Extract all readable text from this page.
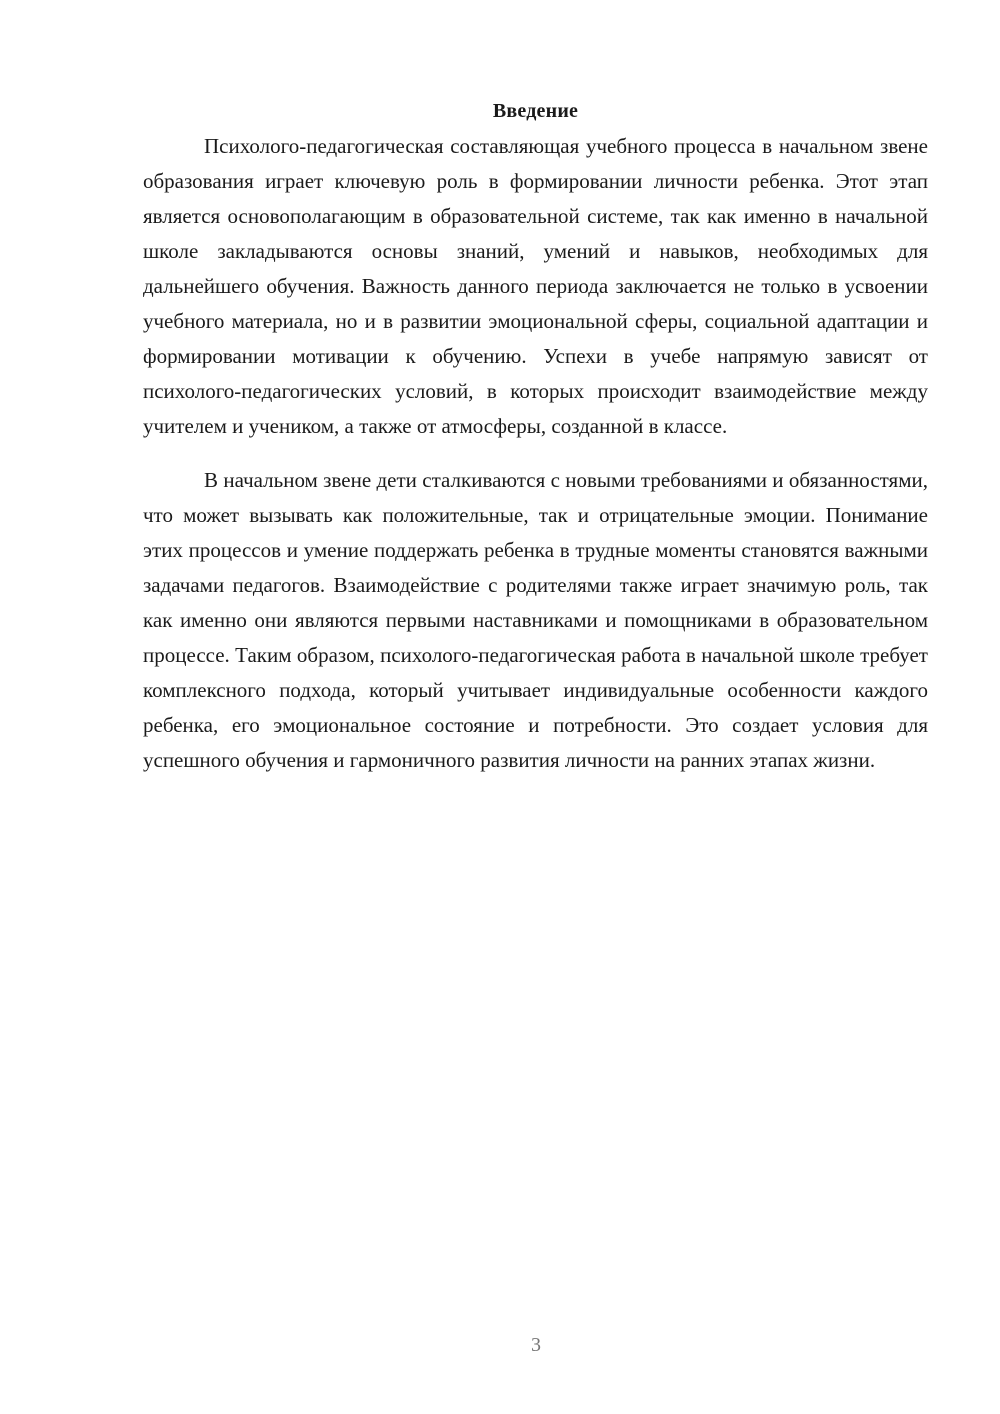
Введение

Психолого-педагогическая составляющая учебного процесса в начальном звене образования играет ключевую роль в формировании личности ребенка. Этот этап является основополагающим в образовательной системе, так как именно в начальной школе закладываются основы знаний, умений и навыков, необходимых для дальнейшего обучения. Важность данного периода заключается не только в усвоении учебного материала, но и в развитии эмоциональной сферы, социальной адаптации и формировании мотивации к обучению. Успехи в учебе напрямую зависят от психолого-педагогических условий, в которых происходит взаимодействие между учителем и учеником, а также от атмосферы, созданной в классе.

В начальном звене дети сталкиваются с новыми требованиями и обязанностями, что может вызывать как положительные, так и отрицательные эмоции. Понимание этих процессов и умение поддержать ребенка в трудные моменты становятся важными задачами педагогов. Взаимодействие с родителями также играет значимую роль, так как именно они являются первыми наставниками и помощниками в образовательном процессе. Таким образом, психолого-педагогическая работа в начальной школе требует комплексного подхода, который учитывает индивидуальные особенности каждого ребенка, его эмоциональное состояние и потребности. Это создает условия для успешного обучения и гармоничного развития личности на ранних этапах жизни.

3
